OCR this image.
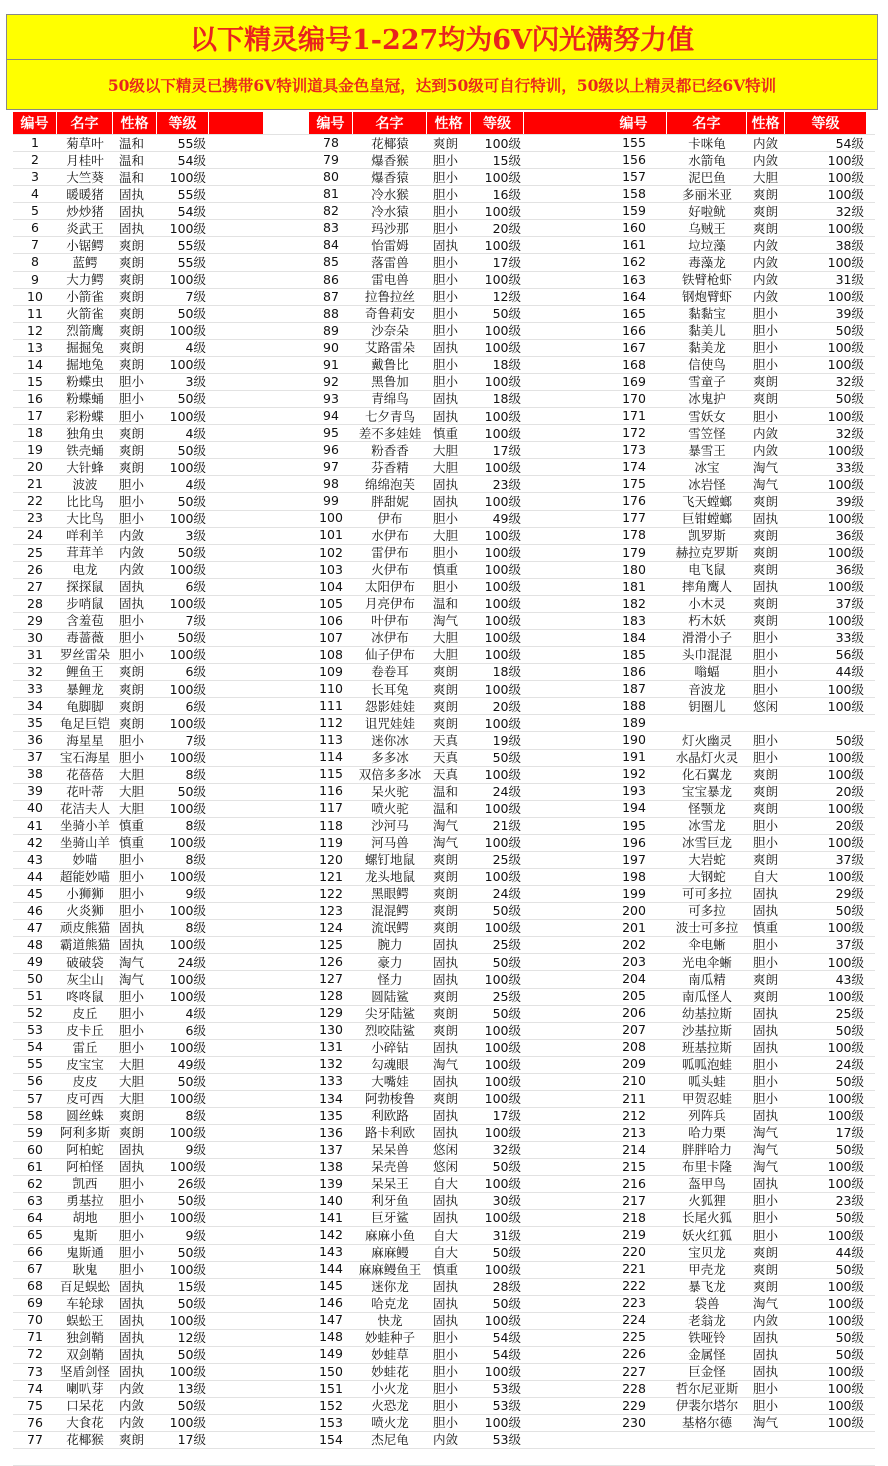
以下精灵编号1-227均为6V闪光满努力值
50级以下精灵已携带6V特训道具金色皇冠，达到50级可自行特训，50级以上精灵都已经6V特训
编号	名字	性格	等级
1	菊草叶	温和	55级
2	月桂叶	温和	54级
3	大竺葵	温和	100级
4	暖暖猪	固执	55级
5	炒炒猪	固执	54级
6	炎武王	固执	100级
7	小锯鳄	爽朗	55级
8	蓝鳄	爽朗	55级
9	大力鳄	爽朗	100级
10	小箭雀	爽朗	7级
11	火箭雀	爽朗	50级
12	烈箭鹰	爽朗	100级
13	掘掘兔	爽朗	4级
14	掘地兔	爽朗	100级
15	粉蝶虫	胆小	3级
16	粉蝶蛹	胆小	50级
17	彩粉蝶	胆小	100级
18	独角虫	爽朗	4级
19	铁壳蛹	爽朗	50级
20	大针蜂	爽朗	100级
21	波波	胆小	4级
22	比比鸟	胆小	50级
23	大比鸟	胆小	100级
24	咩利羊	内敛	3级
25	茸茸羊	内敛	50级
26	电龙	内敛	100级
27	探探鼠	固执	6级
28	步哨鼠	固执	100级
29	含羞苞	胆小	7级
30	毒蔷薇	胆小	50级
31	罗丝雷朵 胆小	100级
32	鲤鱼王	爽朗	6级
33	暴鲤龙	爽朗	100级
34	龟脚脚	爽朗	6级
35	龟足巨铠 爽朗	100级
36	海星星	胆小	7级
37	宝石海星 胆小	100级
38	花蓓蓓	大胆	8级
39	花叶蒂	大胆	50级
40	花洁夫人 大胆	100级
41	坐骑小羊 慎重	8级
42	坐骑山羊 慎重	100级
43	妙喵	胆小	8级
44	超能妙喵 胆小	100级
45	小狮狮	胆小	9级
46	火炎狮	胆小	100级
47	顽皮熊猫 固执	8级
48	霸道熊猫 固执	100级
49	破破袋	淘气	24级
50	灰尘山	淘气	100级
51	咚咚鼠	胆小	100级
52	皮丘	胆小	4级
53	皮卡丘	胆小	6级
54	雷丘	胆小	100级
55	皮宝宝	大胆	49级
56	皮皮	大胆	50级
57	皮可西	大胆	100级
58	圆丝蛛	爽朗	8级
59	阿利多斯 爽朗	100级
60	阿柏蛇	固执	9级
61	阿柏怪	固执	100级
62	凯西	胆小	26级
63	勇基拉	胆小	50级
64	胡地	胆小	100级
65	鬼斯	胆小	9级
66	鬼斯通	胆小	50级
67	耿鬼	胆小	100级
68	百足蜈蚣 固执	15级
69	车轮球	固执	50级
70	蜈蚣王	固执	100级
71	独剑鞘	固执	12级
72	双剑鞘	固执	50级
73	坚盾剑怪 固执	100级
74	喇叭芽	内敛	13级
75	口呆花	内敛	50级
76	大食花	内敛	100级
77	花椰猴	爽朗	17级
编号	名字	性格	等级
78	花椰猿	爽朗	100级
79	爆香猴	胆小	15级
80	爆香猿	胆小	100级
81	冷水猴	胆小	16级
82	冷水猿	胆小	100级
83	玛沙那	胆小	20级
84	怡雷姆	固执	100级
85	落雷兽	胆小	17级
86	雷电兽	胆小	100级
87	拉鲁拉丝	胆小	12级
88	奇鲁莉安	胆小	50级
89	沙奈朵	胆小	100级
90	艾路雷朵	固执	100级
91	戴鲁比	胆小	18级
92	黑鲁加	胆小	100级
93	青绵鸟	固执	18级
94	七夕青鸟	固执	100级
95	差不多娃娃 慎重	100级
96	粉香香	大胆	17级
97	芬香精	大胆	100级
98	绵绵泡芙	固执	23级
99	胖甜妮	固执	100级
100	伊布	胆小	49级
101	水伊布	大胆	100级
102	雷伊布	胆小	100级
103	火伊布	慎重	100级
104	太阳伊布	胆小	100级
105	月亮伊布	温和	100级
106	叶伊布	淘气	100级
107	冰伊布	大胆	100级
108	仙子伊布	大胆	100级
109	卷卷耳	爽朗	18级
110	长耳兔	爽朗	100级
111	怨影娃娃	爽朗	20级
112	诅咒娃娃	爽朗	100级
113	迷你冰	天真	19级
114	多多冰	天真	50级
115	双倍多多冰 天真	100级
116	呆火驼	温和	24级
117	喷火驼	温和	100级
118	沙河马	淘气	21级
119	河马兽	淘气	100级
120	螺钉地鼠	爽朗	25级
121	龙头地鼠	爽朗	100级
122	黑眼鳄	爽朗	24级
123	混混鳄	爽朗	50级
124	流氓鳄	爽朗	100级
125	腕力	固执	25级
126	豪力	固执	50级
127	怪力	固执	100级
128	圆陆鲨	爽朗	25级
129	尖牙陆鲨	爽朗	50级
130	烈咬陆鲨	爽朗	100级
131	小碎钻	固执	100级
132	勾魂眼	淘气	100级
133	大嘴娃	固执	100级
134	阿勃梭鲁	爽朗	100级
135	利欧路	固执	17级
136	路卡利欧	固执	100级
137	呆呆兽	悠闲	32级
138	呆壳兽	悠闲	50级
139	呆呆王	自大	100级
140	利牙鱼	固执	30级
141	巨牙鲨	固执	100级
142	麻麻小鱼	自大	31级
143	麻麻鳗	自大	50级
144	麻麻鳗鱼王 慎重	100级
145	迷你龙	固执	28级
146	哈克龙	固执	50级
147	快龙	固执	100级
148	妙蛙种子	胆小	54级
149	妙蛙草	胆小	54级
150	妙蛙花	胆小	100级
151	小火龙	胆小	53级
152	火恐龙	胆小	53级
153	喷火龙	胆小	100级
154	杰尼龟	内敛	53级
编号	名字	性格	等级
155	卡咪龟	内敛	54级
156	水箭龟	内敛	100级
157	泥巴鱼	大胆	100级
158	多丽米亚	爽朗	100级
159	好啦鱿	爽朗	32级
160	乌贼王	爽朗	100级
161	垃垃藻	内敛	38级
162	毒藻龙	内敛	100级
163	铁臂枪虾	内敛	31级
164	钢炮臂虾	内敛	100级
165	黏黏宝	胆小	39级
166	黏美儿	胆小	50级
167	黏美龙	胆小	100级
168	信使鸟	胆小	100级
169	雪童子	爽朗	32级
170	冰鬼护	爽朗	50级
171	雪妖女	胆小	100级
172	雪笠怪	内敛	32级
173	暴雪王	内敛	100级
174	冰宝	淘气	33级
175	冰岩怪	淘气	100级
176	飞天螳螂	爽朗	39级
177	巨钳螳螂	固执	100级
178	凯罗斯	爽朗	36级
179	赫拉克罗斯	爽朗	100级
180	电飞鼠	爽朗	36级
181	摔角鹰人	固执	100级
182	小木灵	爽朗	37级
183	朽木妖	爽朗	100级
184	滑滑小子	胆小	33级
185	头巾混混	胆小	56级
186	嗡蝠	胆小	44级
187	音波龙	胆小	100级
188	钥圈儿	悠闲	100级
189
190	灯火幽灵	胆小	50级
191	水晶灯火灵	胆小	100级
192	化石翼龙	爽朗	100级
193	宝宝暴龙	爽朗	20级
194	怪颚龙	爽朗	100级
195	冰雪龙	胆小	20级
196	冰雪巨龙	胆小	100级
197	大岩蛇	爽朗	37级
198	大钢蛇	自大	100级
199	可可多拉	固执	29级
200	可多拉	固执	50级
201	波士可多拉	慎重	100级
202	伞电蜥	胆小	37级
203	光电伞蜥	胆小	100级
204	南瓜精	爽朗	43级
205	南瓜怪人	爽朗	100级
206	幼基拉斯	固执	25级
207	沙基拉斯	固执	50级
208	班基拉斯	固执	100级
209	呱呱泡蛙	胆小	24级
210	呱头蛙	胆小	50级
211	甲贺忍蛙	胆小	100级
212	列阵兵	固执	100级
213	哈力栗	淘气	17级
214	胖胖哈力	淘气	50级
215	布里卡隆	淘气	100级
216	盔甲鸟	固执	100级
217	火狐狸	胆小	23级
218	长尾火狐	胆小	50级
219	妖火红狐	胆小	100级
220	宝贝龙	爽朗	44级
221	甲壳龙	爽朗	50级
222	暴飞龙	爽朗	100级
223	袋兽	淘气	100级
224	老翁龙	内敛	100级
225	铁哑铃	固执	50级
226	金属怪	固执	50级
227	巨金怪	固执	100级
228	哲尔尼亚斯	胆小	100级
229	伊裴尔塔尔	胆小	100级
230	基格尔德	淘气	100级
